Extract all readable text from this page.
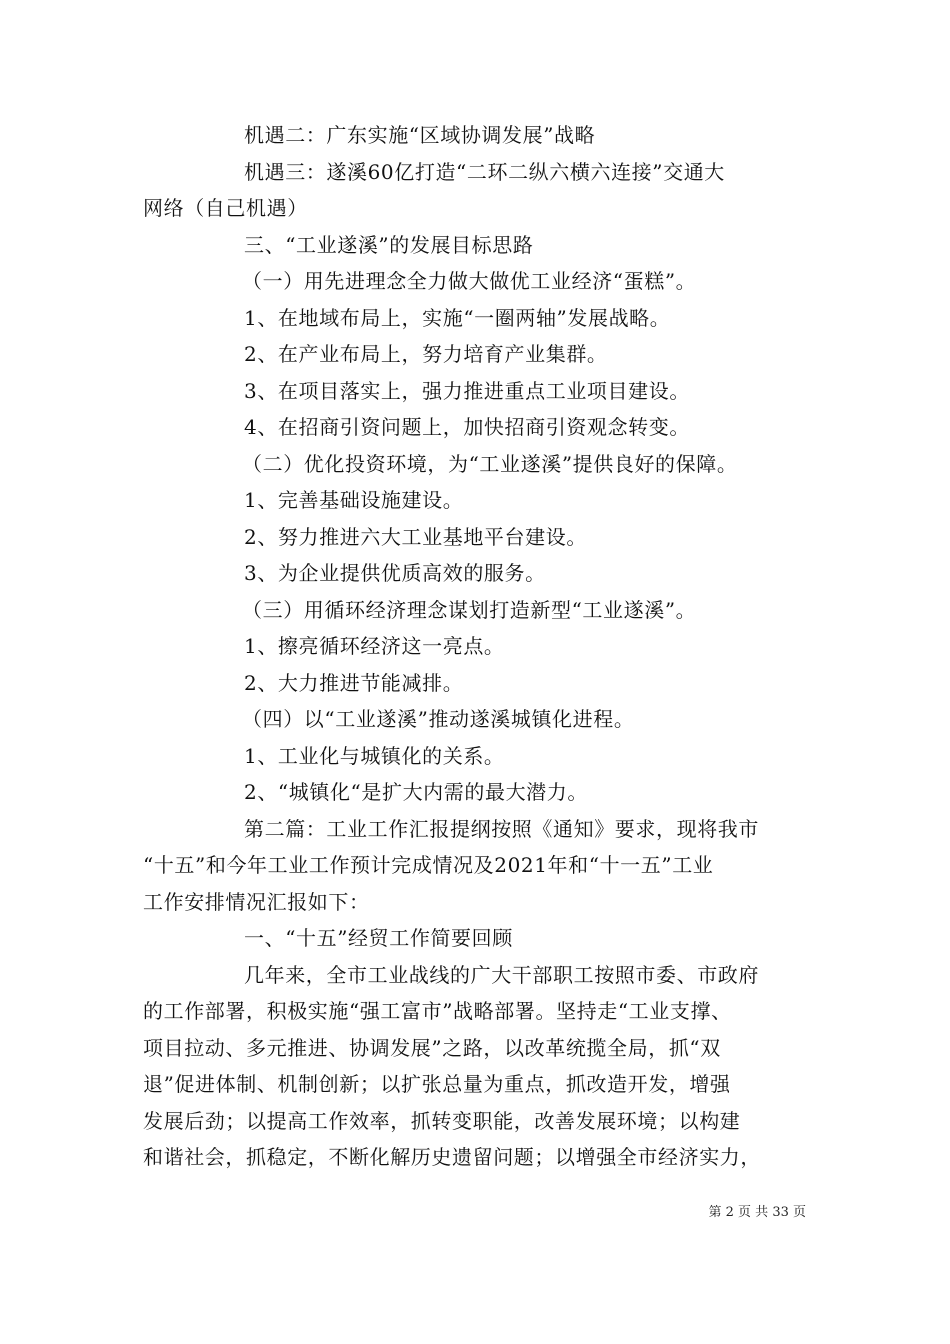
机遇二：广东实施“区域协调发展”战略
机遇三：遂溪60亿打造“二环二纵六横六连接”交通大
网络（自己机遇）
三、“工业遂溪”的发展目标思路
（一）用先进理念全力做大做优工业经济“蛋糕”。
1、在地域布局上，实施“一圈两轴”发展战略。
2、在产业布局上，努力培育产业集群。
3、在项目落实上，强力推进重点工业项目建设。
4、在招商引资问题上，加快招商引资观念转变。
（二）优化投资环境，为“工业遂溪”提供良好的保障。
1、完善基础设施建设。
2、努力推进六大工业基地平台建设。
3、为企业提供优质高效的服务。
（三）用循环经济理念谋划打造新型“工业遂溪”。
1、擦亮循环经济这一亮点。
2、大力推进节能减排。
（四）以“工业遂溪”推动遂溪城镇化进程。
1、工业化与城镇化的关系。
2、“城镇化“是扩大内需的最大潜力。
第二篇：工业工作汇报提纲按照《通知》要求，现将我市
“十五”和今年工业工作预计完成情况及2021年和“十一五”工业
工作安排情况汇报如下：
一、“十五”经贸工作简要回顾
几年来，全市工业战线的广大干部职工按照市委、市政府
的工作部署，积极实施“强工富市”战略部署。坚持走“工业支撑、
项目拉动、多元推进、协调发展”之路，以改革统揽全局，抓“双
退”促进体制、机制创新；以扩张总量为重点，抓改造开发，增强
发展后劲；以提高工作效率，抓转变职能，改善发展环境；以构建
和谐社会，抓稳定，不断化解历史遗留问题；以增强全市经济实力，
第 2 页 共 33 页
